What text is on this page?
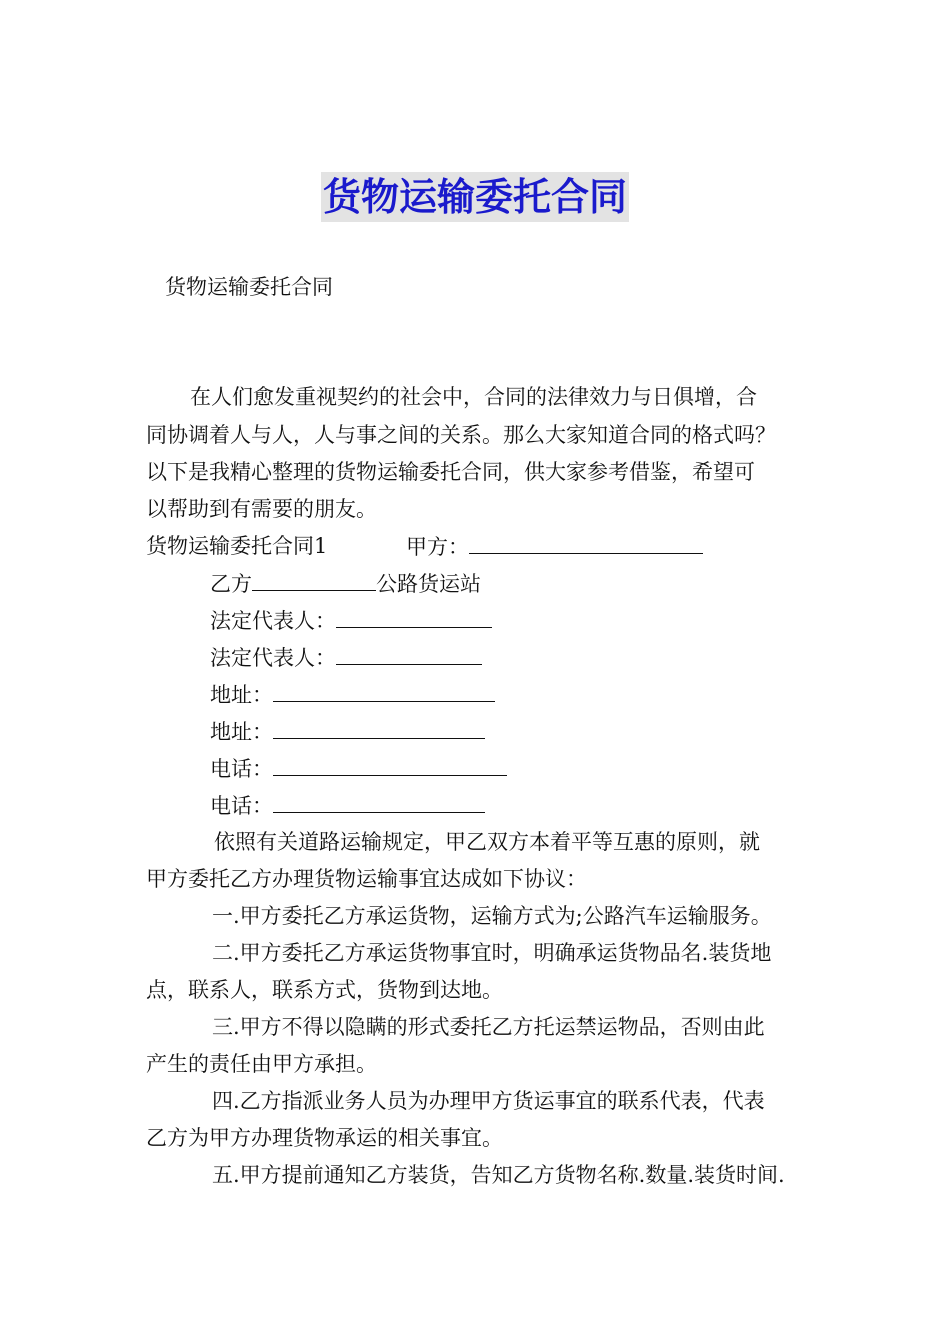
货物运输委托合同
货物运输委托合同
在人们愈发重视契约的社会中，合同的法律效力与日俱增，合
同协调着人与人，人与事之间的关系。那么大家知道合同的格式吗？
以下是我精心整理的货物运输委托合同，供大家参考借鉴，希望可
以帮助到有需要的朋友。
货物运输委托合同1	甲方：
乙方	公路货运站
法定代表人：
法定代表人：
地址：
地址：
电话：
电话：
依照有关道路运输规定，甲乙双方本着平等互惠的原则，就
甲方委托乙方办理货物运输事宜达成如下协议：
一.甲方委托乙方承运货物，运输方式为;公路汽车运输服务。
二.甲方委托乙方承运货物事宜时，明确承运货物品名.装货地
点，联系人，联系方式，货物到达地。
三.甲方不得以隐瞒的形式委托乙方托运禁运物品，否则由此
产生的责任由甲方承担。
四.乙方指派业务人员为办理甲方货运事宜的联系代表，代表
乙方为甲方办理货物承运的相关事宜。
五.甲方提前通知乙方装货，告知乙方货物名称.数量.装货时间.
